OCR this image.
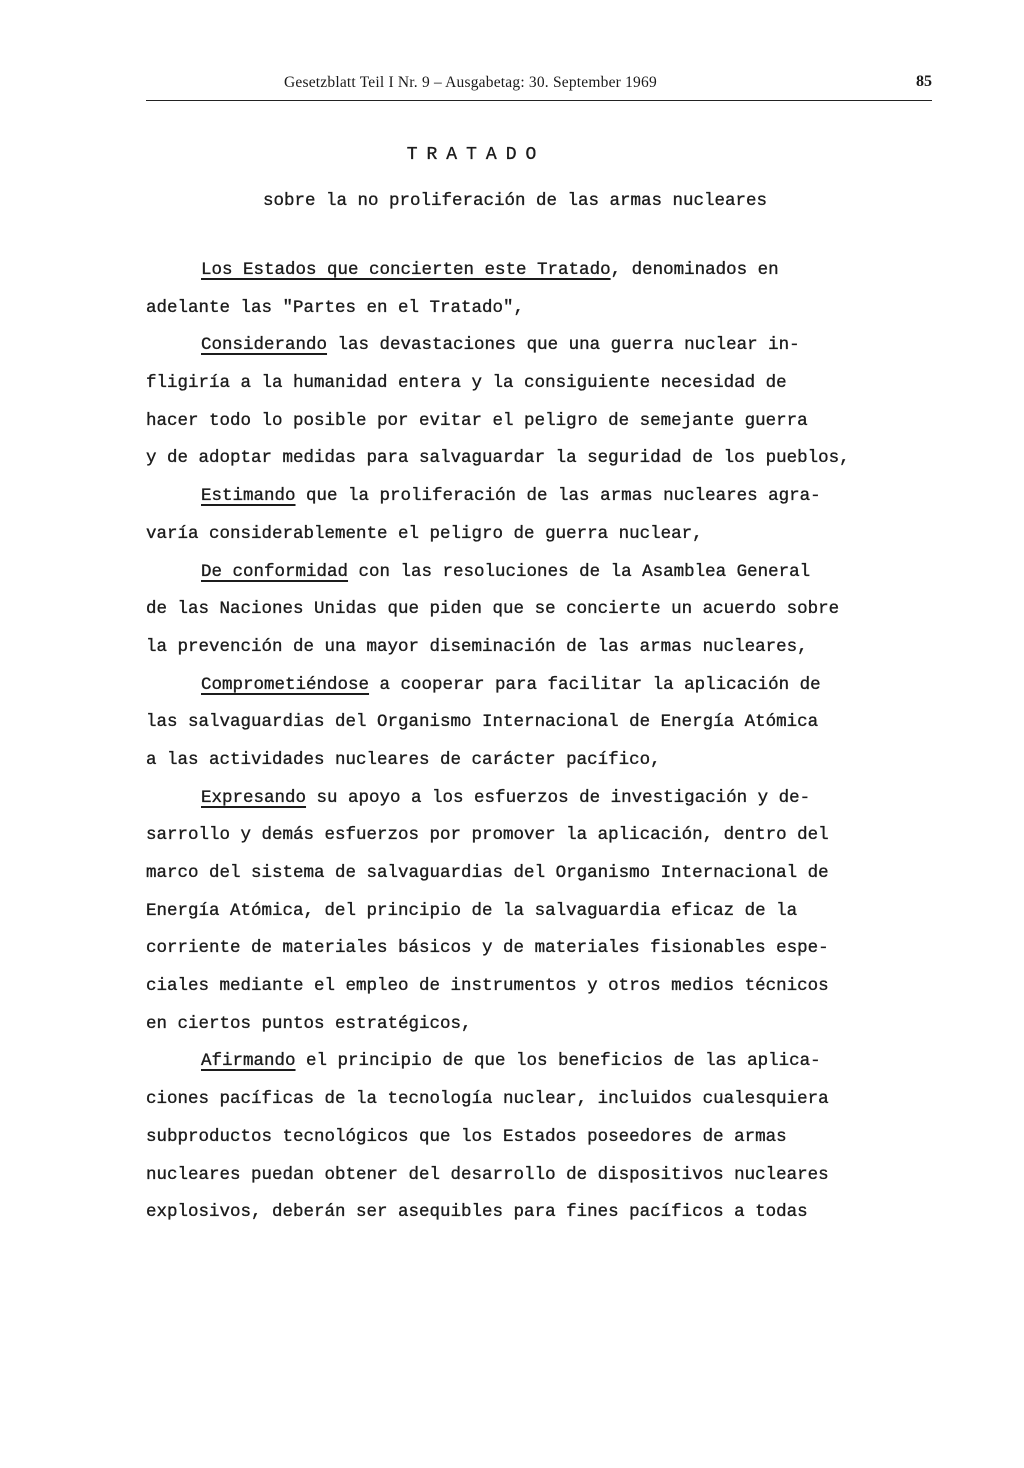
Gesetzblatt Teil I Nr. 9 – Ausgabetag: 30. September 1969	85
TRATADO
sobre la no proliferación de las armas nucleares
Los Estados que concierten este Tratado, denominados en
adelante las "Partes en el Tratado",
Considerando las devastaciones que una guerra nuclear in-
fligiría a la humanidad entera y la consiguiente necesidad de
hacer todo lo posible por evitar el peligro de semejante guerra
y de adoptar medidas para salvaguardar la seguridad de los pueblos,
Estimando que la proliferación de las armas nucleares agra-
varía considerablemente el peligro de guerra nuclear,
De conformidad con las resoluciones de la Asamblea General
de las Naciones Unidas que piden que se concierte un acuerdo sobre
la prevención de una mayor diseminación de las armas nucleares,
Comprometiéndose a cooperar para facilitar la aplicación de
las salvaguardias del Organismo Internacional de Energía Atómica
a las actividades nucleares de carácter pacífico,
Expresando su apoyo a los esfuerzos de investigación y de-
sarrollo y demás esfuerzos por promover la aplicación, dentro del
marco del sistema de salvaguardias del Organismo Internacional de
Energía Atómica, del principio de la salvaguardia eficaz de la
corriente de materiales básicos y de materiales fisionables espe-
ciales mediante el empleo de instrumentos y otros medios técnicos
en ciertos puntos estratégicos,
Afirmando el principio de que los beneficios de las aplica-
ciones pacíficas de la tecnología nuclear, incluidos cualesquiera
subproductos tecnológicos que los Estados poseedores de armas
nucleares puedan obtener del desarrollo de dispositivos nucleares
explosivos, deberán ser asequibles para fines pacíficos a todas
